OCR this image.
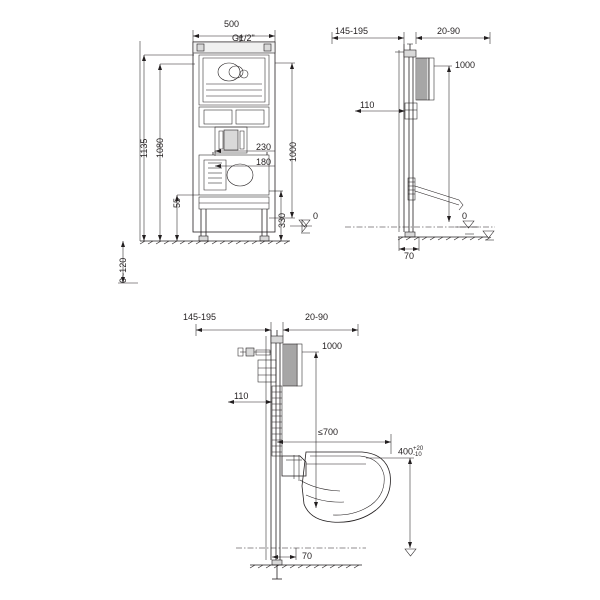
500
G1/2"
1135 1080
55
230
180 1000
330	0
0~120
145-195	20-90
1000
110
0
70
145-195	20-90
1000
110
≤700
400 +20
-10
70
